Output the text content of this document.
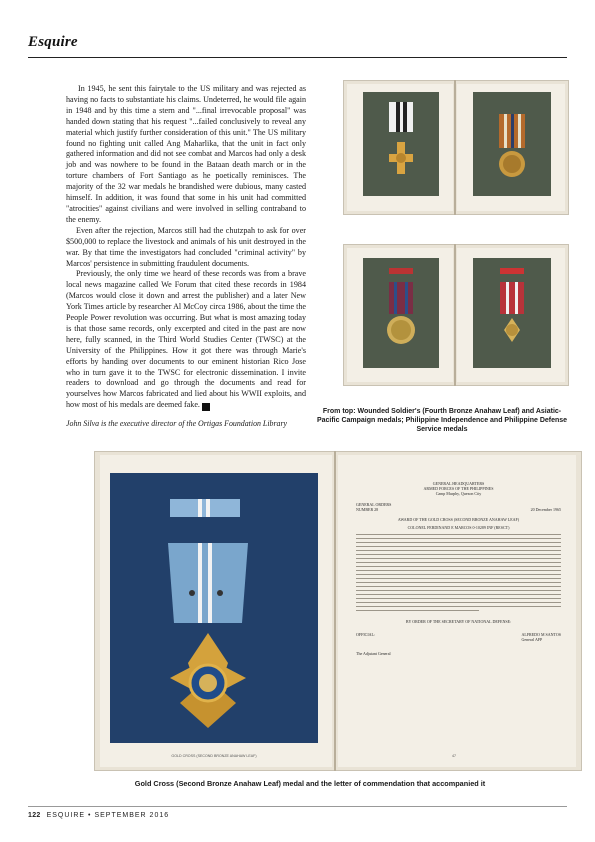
Esquire

In 1945, he sent this fairytale to the US military and was rejected as having no facts to substantiate his claims. Undeterred, he would file again in 1948 and by this time a stern and "...final irrevocable proposal" was handed down stating that his request "...failed conclusively to reveal any material which justify further consideration of this unit." The US military found no fighting unit called Ang Maharlika, that the unit in fact only gathered information and did not see combat and Marcos had only a desk job and was nowhere to be found in the Bataan death march or in the torture chambers of Fort Santiago as he poetically reminisces. The majority of the 32 war medals he brandished were dubious, many casted himself. In addition, it was found that some in his unit had committed "atrocities" against civilians and were involved in selling contraband to the enemy.

Even after the rejection, Marcos still had the chutzpah to ask for over $500,000 to replace the livestock and animals of his unit destroyed in the war. By that time the investigators had concluded "criminal activity" by Marcos' persistence in submitting fraudulent documents.

Previously, the only time we heard of these records was from a brave local news magazine called We Forum that cited these records in 1984 (Marcos would close it down and arrest the publisher) and a later New York Times article by researcher Al McCoy circa 1986, about the time the People Power revolution was occurring. But what is most amazing today is that those same records, only excerpted and cited in the past are now here, fully scanned, in the Third World Studies Center (TWSC) at the University of the Philippines. How it got there was through Marie's efforts by handing over documents to our eminent historian Rico Jose who in turn gave it to the TWSC for electronic dissemination. I invite readers to download and go through the documents and read for yourselves how Marcos fabricated and lied about his WWII exploits, and how most of his medals are deemed fake. E

John Silva is the executive director of the Ortigas Foundation Library
From top: Wounded Soldier's (Fourth Bronze Anahaw Leaf) and Asiatic-Pacific Campaign medals; Philippine Independence and Philippine Defense Service medals
GOLD CROSS (SECOND BRONZE ANAHAW LEAF)
GENERAL HEADQUARTERS
ARMED FORCES OF THE PHILIPPINES
Camp Murphy, Quezon City
GENERAL ORDERS
NUMBER 28	20 December 1965
AWARD OF THE GOLD CROSS (SECOND BRONZE ANAHAW LEAF)
COLONEL FERDINAND E MARCOS 0-10289 INF (RESCT)
BY ORDER OF THE SECRETARY OF NATIONAL DEFENSE:
OFFICIAL:
The Adjutant General
ALFREDO M SANTOS
General AFP
47
Gold Cross (Second Bronze Anahaw Leaf) medal and the letter of commendation that accompanied it
122 ESQUIRE • SEPTEMBER 2016
